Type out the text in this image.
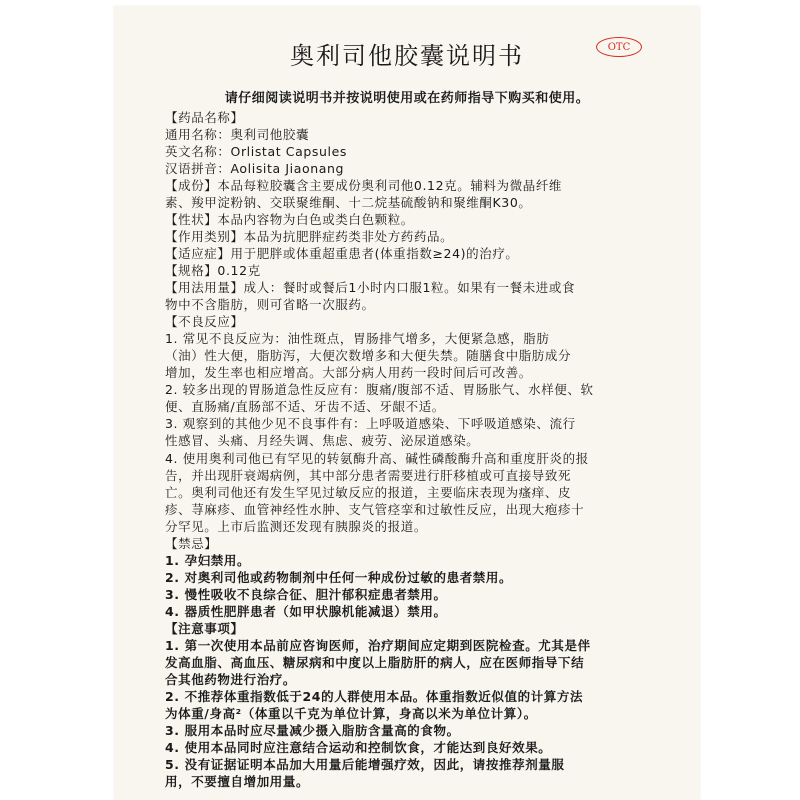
OTC
奥利司他胶囊说明书
请仔细阅读说明书并按说明使用或在药师指导下购买和使用。
【药品名称】
通用名称：奥利司他胶囊
英文名称：Orlistat Capsules
汉语拼音：Aolisita Jiaonang
【成份】本品每粒胶囊含主要成份奥利司他0.12克。辅料为微晶纤维
素、羧甲淀粉钠、交联聚维酮、十二烷基硫酸钠和聚维酮K30。
【性状】本品内容物为白色或类白色颗粒。
【作用类别】本品为抗肥胖症药类非处方药药品。
【适应症】用于肥胖或体重超重患者(体重指数≥24)的治疗。
【规格】0.12克
【用法用量】成人：餐时或餐后1小时内口服1粒。如果有一餐未进或食
物中不含脂肪，则可省略一次服药。
【不良反应】
1. 常见不良反应为：油性斑点，胃肠排气增多，大便紧急感，脂肪
（油）性大便，脂肪泻，大便次数增多和大便失禁。随膳食中脂肪成分
增加，发生率也相应增高。大部分病人用药一段时间后可改善。
2. 较多出现的胃肠道急性反应有：腹痛/腹部不适、胃肠胀气、水样便、软
便、直肠痛/直肠部不适、牙齿不适、牙龈不适。
3. 观察到的其他少见不良事件有：上呼吸道感染、下呼吸道感染、流行
性感冒、头痛、月经失调、焦虑、疲劳、泌尿道感染。
4. 使用奥利司他已有罕见的转氨酶升高、碱性磷酸酶升高和重度肝炎的报
告，并出现肝衰竭病例，其中部分患者需要进行肝移植或可直接导致死
亡。奥利司他还有发生罕见过敏反应的报道，主要临床表现为瘙痒、皮
疹、荨麻疹、血管神经性水肿、支气管痉挛和过敏性反应，出现大疱疹十
分罕见。上市后监测还发现有胰腺炎的报道。
【禁忌】
1. 孕妇禁用。
2. 对奥利司他或药物制剂中任何一种成份过敏的患者禁用。
3. 慢性吸收不良综合征、胆汁郁积症患者禁用。
4. 器质性肥胖患者（如甲状腺机能减退）禁用。
【注意事项】
1. 第一次使用本品前应咨询医师，治疗期间应定期到医院检查。尤其是伴
发高血脂、高血压、糖尿病和中度以上脂肪肝的病人，应在医师指导下结
合其他药物进行治疗。
2. 不推荐体重指数低于24的人群使用本品。体重指数近似值的计算方法
为体重/身高²（体重以千克为单位计算，身高以米为单位计算）。
3. 服用本品时应尽量减少摄入脂肪含量高的食物。
4. 使用本品同时应注意结合运动和控制饮食，才能达到良好效果。
5. 没有证据证明本品加大用量后能增强疗效，因此，请按推荐剂量服
用，不要擅自增加用量。
